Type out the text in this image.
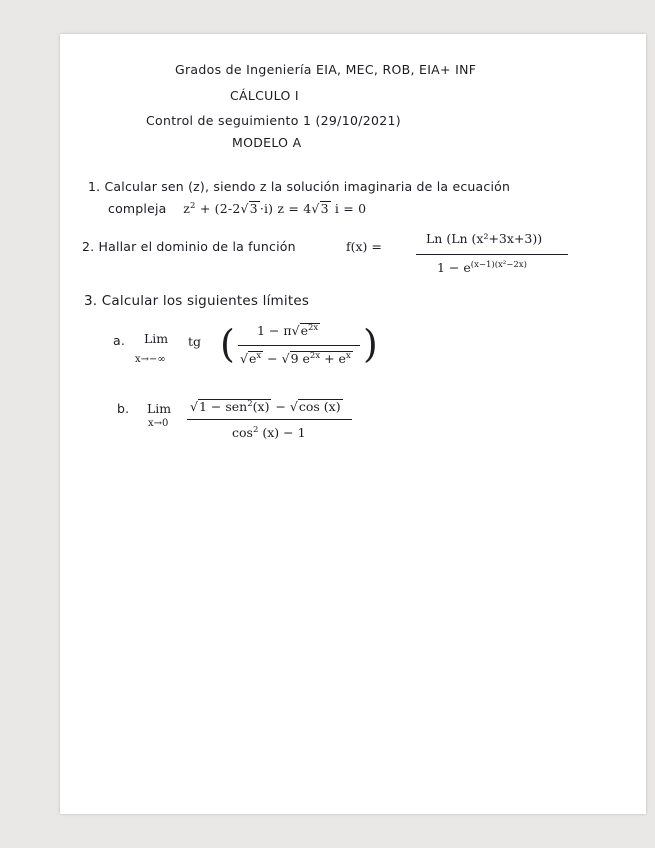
Grados de Ingeniería EIA, MEC, ROB, EIA+ INF
CÁLCULO I
Control de seguimiento 1 (29/10/2021)
MODELO A
1. Calcular sen (z), siendo z la solución imaginaria de la ecuación
compleja $z^2 + (2-2√3 \cdot i) z = 4√3$ i = 0
2. Hallar el dominio de la función	f(x) =
Ln (Ln (x²+3x+3))
$1 - e^{(x-1)(x^2-2x)}$
3. Calcular los siguientes límites
a. Lim
x→−∞
tg ( $1 - \pi√e^{2x}$
$√e^x - √9$ $e^{2x} + e^x$ )
b. Lim
x→0
√1 − sen$^2$(x) − √cos (x)
$\cos^2 (x) - 1$
